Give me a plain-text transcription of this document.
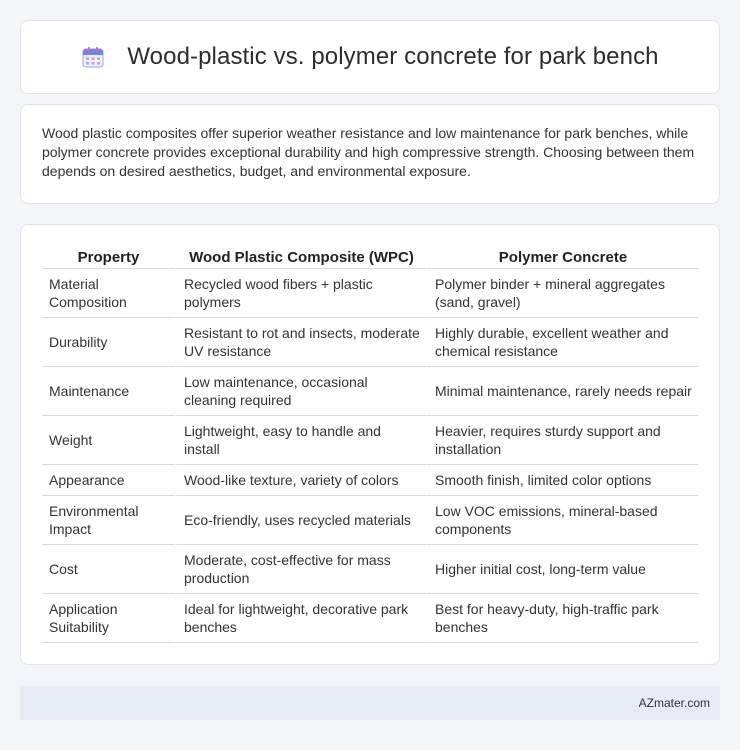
Wood-plastic vs. polymer concrete for park bench

Wood plastic composites offer superior weather resistance and low maintenance for park benches, while polymer concrete provides exceptional durability and high compressive strength. Choosing between them depends on desired aesthetics, budget, and environmental exposure.

Property	Wood Plastic Composite (WPC)	Polymer Concrete
Material Composition	Recycled wood fibers + plastic polymers	Polymer binder + mineral aggregates (sand, gravel)
Durability	Resistant to rot and insects, moderate UV resistance	Highly durable, excellent weather and chemical resistance
Maintenance	Low maintenance, occasional cleaning required	Minimal maintenance, rarely needs repair
Weight	Lightweight, easy to handle and install	Heavier, requires sturdy support and installation
Appearance	Wood-like texture, variety of colors	Smooth finish, limited color options
Environmental Impact	Eco-friendly, uses recycled materials	Low VOC emissions, mineral-based components
Cost	Moderate, cost-effective for mass production	Higher initial cost, long-term value
Application Suitability	Ideal for lightweight, decorative park benches	Best for heavy-duty, high-traffic park benches
AZmater.com
